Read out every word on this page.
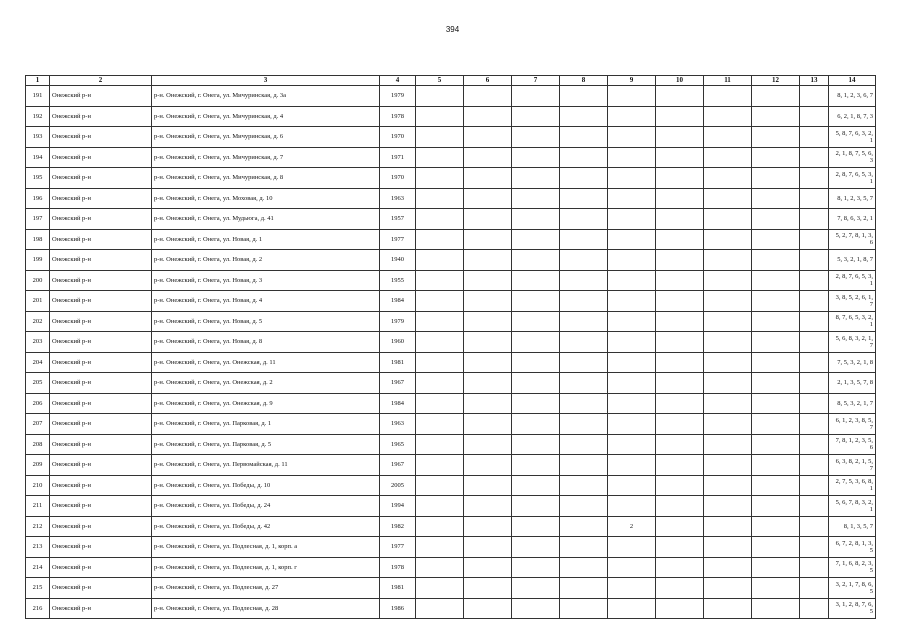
394
1	2	3	4	5	6	7	8	9	10	11	12	13	14
191	Онежский р-н	р-н. Онежский, г. Онега, ул. Мичуринская, д. 3а	1979										8, 1, 2, 3, 6, 7
192	Онежский р-н	р-н. Онежский, г. Онега, ул. Мичуринская, д. 4	1978										6, 2, 1, 8, 7, 3
193	Онежский р-н	р-н. Онежский, г. Онега, ул. Мичуринская, д. 6	1970										5, 8, 7, 6, 3, 2, 1
194	Онежский р-н	р-н. Онежский, г. Онега, ул. Мичуринская, д. 7	1971										2, 1, 8, 7, 5, 6, 3
195	Онежский р-н	р-н. Онежский, г. Онега, ул. Мичуринская, д. 8	1970										2, 8, 7, 6, 5, 3, 1
196	Онежский р-н	р-н. Онежский, г. Онега, ул. Моховая, д. 10	1963										8, 1, 2, 3, 5, 7
197	Онежский р-н	р-н. Онежский, г. Онега, ул. Мудьюга, д. 41	1957										7, 8, 6, 3, 2, 1
198	Онежский р-н	р-н. Онежский, г. Онега, ул. Новая, д. 1	1977										5, 2, 7, 8, 1, 3, 6
199	Онежский р-н	р-н. Онежский, г. Онега, ул. Новая, д. 2	1940										5, 3, 2, 1, 8, 7
200	Онежский р-н	р-н. Онежский, г. Онега, ул. Новая, д. 3	1955										2, 8, 7, 6, 5, 3, 1
201	Онежский р-н	р-н. Онежский, г. Онега, ул. Новая, д. 4	1984										3, 8, 5, 2, 6, 1, 7
202	Онежский р-н	р-н. Онежский, г. Онега, ул. Новая, д. 5	1979										8, 7, 6, 5, 3, 2, 1
203	Онежский р-н	р-н. Онежский, г. Онега, ул. Новая, д. 8	1960										5, 6, 8, 3, 2, 1, 7
204	Онежский р-н	р-н. Онежский, г. Онега, ул. Онежская, д. 11	1981										7, 5, 3, 2, 1, 8
205	Онежский р-н	р-н. Онежский, г. Онега, ул. Онежская, д. 2	1967										2, 1, 3, 5, 7, 8
206	Онежский р-н	р-н. Онежский, г. Онега, ул. Онежская, д. 9	1984										8, 5, 3, 2, 1, 7
207	Онежский р-н	р-н. Онежский, г. Онега, ул. Парковая, д. 1	1963										6, 1, 2, 3, 8, 5, 7
208	Онежский р-н	р-н. Онежский, г. Онега, ул. Парковая, д. 5	1965										7, 8, 1, 2, 3, 5, 6
209	Онежский р-н	р-н. Онежский, г. Онега, ул. Первомайская, д. 11	1967										6, 3, 8, 2, 1, 5, 7
210	Онежский р-н	р-н. Онежский, г. Онега, ул. Победы, д. 10	2005										2, 7, 5, 3, 6, 8, 1
211	Онежский р-н	р-н. Онежский, г. Онега, ул. Победы, д. 24	1994										5, 6, 7, 8, 3, 2, 1
212	Онежский р-н	р-н. Онежский, г. Онега, ул. Победы, д. 42	1982					2					8, 1, 3, 5, 7
213	Онежский р-н	р-н. Онежский, г. Онега, ул. Подлесная, д. 1, корп. а	1977										6, 7, 2, 8, 1, 3, 5
214	Онежский р-н	р-н. Онежский, г. Онега, ул. Подлесная, д. 1, корп. г	1978										7, 1, 6, 8, 2, 3, 5
215	Онежский р-н	р-н. Онежский, г. Онега, ул. Подлесная, д. 27	1981										3, 2, 1, 7, 8, 6, 5
216	Онежский р-н	р-н. Онежский, г. Онега, ул. Подлесная, д. 28	1986										3, 1, 2, 8, 7, 6, 5
